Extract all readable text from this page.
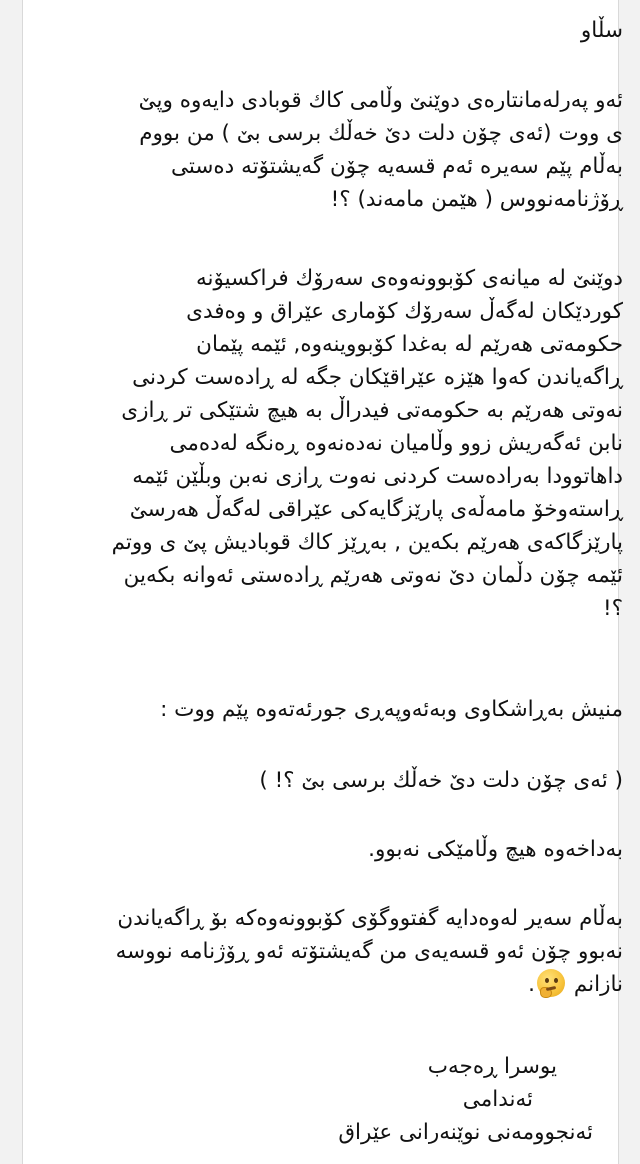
سڵاو
ئەو پەرلەمانتارەی دوێنێ وڵامی کاك قوبادی دایەوە وپێ
ی ووت (ئەی چۆن دلت دێ خەڵك برسی بێ ) من بووم
بەڵام پێم سەیرە ئەم قسەیە چۆن گەیشتۆتە دەستی
ڕۆژنامەنووس ( هێمن مامەند) ؟!
دوێنێ لە میانەی کۆبوونەوەی سەرۆك فراکسیۆنە
کوردێکان لەگەڵ سەرۆك کۆماری عێراق و وەفدی
حکومەتی هەرێم لە بەغدا کۆبووینەوە, ئێمە پێمان
ڕاگەیاندن کەوا هێزە عێراقێکان جگە لە ڕادەست کردنی
نەوتی هەرێم بە حکومەتی فیدراڵ بە هیچ شتێکی تر ڕازی
نابن ئەگەریش زوو وڵامیان نەدەنەوە ڕەنگە لەدەمی
داهاتوودا بەرادەست کردنی نەوت ڕازی نەبن وبڵێن ئێمە
ڕاستەوخۆ مامەڵەی پارێزگایەکی عێراقی لەگەڵ هەرسێ
پارێزگاکەی هەرێم بکەین , بەڕێز کاك قوبادیش پێ ی ووتم
ئێمە چۆن دڵمان دێ نەوتی هەرێم ڕادەستی ئەوانە بکەین
؟!
منیش بەڕاشکاوی وبەئەوپەڕی جورئەتەوە پێم ووت :
( ئەی چۆن دلت دێ خەڵك برسی بێ ؟! )
بەداخەوە هیچ وڵامێکی نەبوو.
بەڵام سەیر لەوەدایە گفتووگۆی کۆبوونەوەکە بۆ ڕاگەیاندن
نەبوو چۆن ئەو قسەیەی من گەیشتۆتە ئەو ڕۆژنامە نووسە
نازانم
.
یوسرا ڕەجەب
ئەندامی
ئەنجوومەنی نوێنەرانی عێراق
